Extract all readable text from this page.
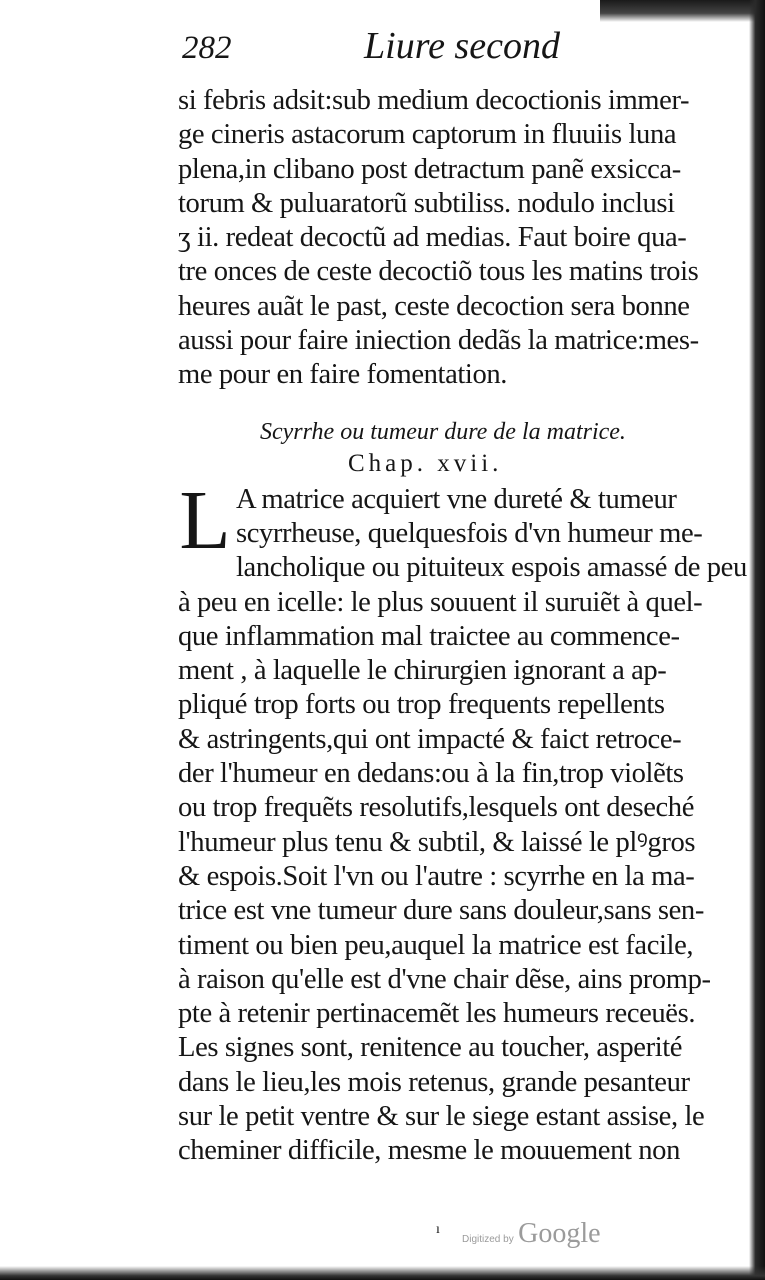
282	Liure second
si febris adsit:sub medium decoctionis immer-
ge cineris astacorum captorum in fluuiis luna
plena,in clibano post detractum panẽ exsicca-
torum & puluaratorũ subtiliss. nodulo inclusi
ʒ ii. redeat decoctũ ad medias. Faut boire qua-
tre onces de ceste decoctiõ tous les matins trois
heures auãt le past, ceste decoction sera bonne
aussi pour faire iniection dedãs la matrice:mes-
me pour en faire fomentation.
Scyrrhe ou tumeur dure de la matrice.
Chap. xvii.
L A matrice acquiert vne dureté & tumeur
scyrrheuse, quelquesfois d'vn humeur me-
lancholique ou pituiteux espois amassé de peu
à peu en icelle: le plus souuent il suruiẽt à quel-
que inflammation mal traictee au commence-
ment , à laquelle le chirurgien ignorant a ap-
pliqué trop forts ou trop frequents repellents
& astringents,qui ont impacté & faict retroce-
der l'humeur en dedans:ou à la fin,trop violẽts
ou trop frequẽts resolutifs,lesquels ont deseché
l'humeur plus tenu & subtil, & laissé le plꝰgros
& espois.Soit l'vn ou l'autre : scyrrhe en la ma-
trice est vne tumeur dure sans douleur,sans sen-
timent ou bien peu,auquel la matrice est facile,
à raison qu'elle est d'vne chair dẽse, ains promp-
pte à retenir pertinacemẽt les humeurs receuës.
Les signes sont, renitence au toucher, asperité
dans le lieu,les mois retenus, grande pesanteur
sur le petit ventre & sur le siege estant assise, le
cheminer difficile, mesme le mouuement non
ı
Digitized by Google
